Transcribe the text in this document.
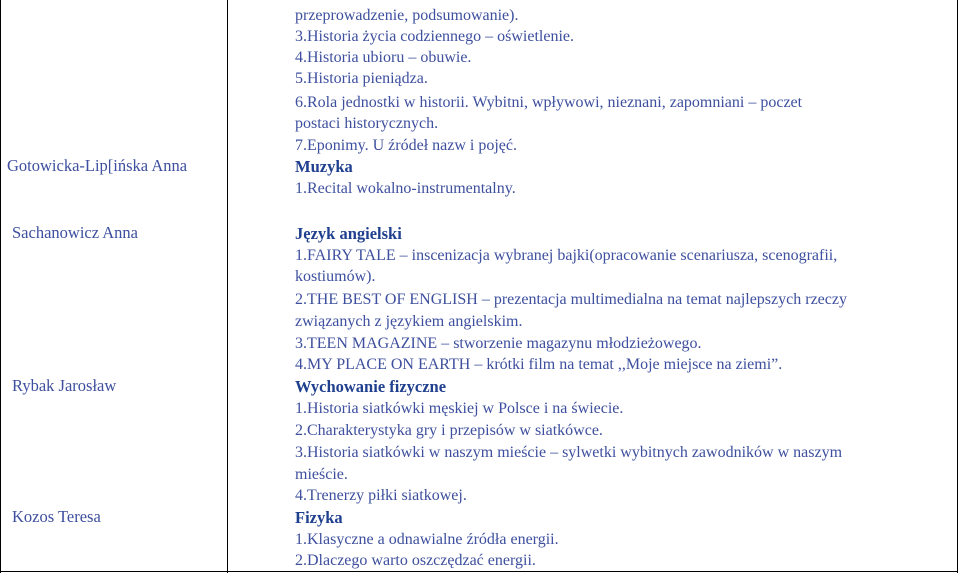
Gotowicka-Lip[ińska Anna
Sachanowicz Anna
Rybak Jarosław
Kozos Teresa
przeprowadzenie, podsumowanie).
3.Historia życia codziennego – oświetlenie.
4.Historia ubioru – obuwie.
5.Historia pieniądza.
6.Rola jednostki w historii. Wybitni, wpływowi, nieznani, zapomniani – poczet
postaci historycznych.
7.Eponimy. U źródeł nazw i pojęć.
Muzyka
1.Recital wokalno-instrumentalny.
Język angielski
1.FAIRY TALE – inscenizacja wybranej bajki(opracowanie scenariusza, scenografii,
kostiumów).
2.THE BEST OF ENGLISH – prezentacja multimedialna na temat najlepszych rzeczy
związanych z językiem angielskim.
3.TEEN MAGAZINE – stworzenie magazynu młodzieżowego.
4.MY PLACE ON EARTH – krótki film na temat ,,Moje miejsce na ziemi”.
Wychowanie fizyczne
1.Historia siatkówki męskiej w Polsce i na świecie.
2.Charakterystyka gry i przepisów w siatkówce.
3.Historia siatkówki w naszym mieście – sylwetki wybitnych zawodników w naszym
mieście.
4.Trenerzy piłki siatkowej.
Fizyka
1.Klasyczne a odnawialne źródła energii.
2.Dlaczego warto oszczędzać energii.
